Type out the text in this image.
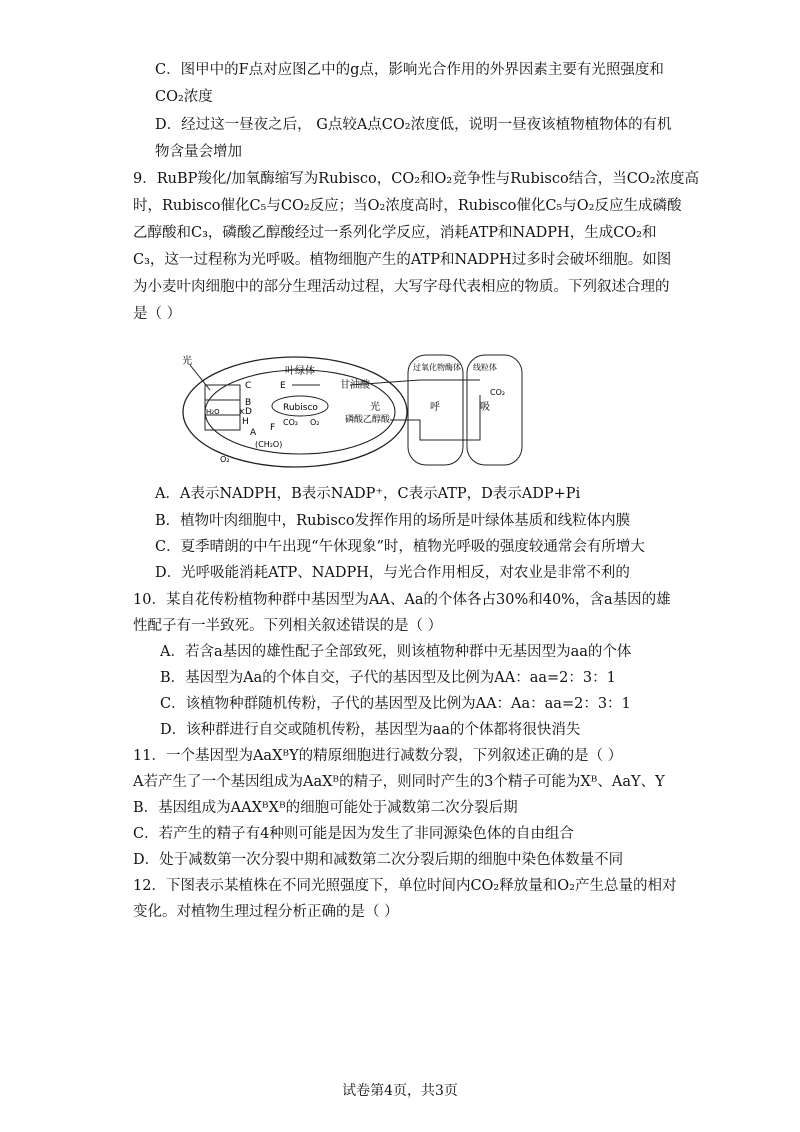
C．图甲中的F点对应图乙中的g点，影响光合作用的外界因素主要有光照强度和
CO₂浓度
D．经过这一昼夜之后， G点较A点CO₂浓度低，说明一昼夜该植物植物体的有机
物含量会增加
9．RuBP羧化/加氧酶缩写为Rubisco，CO₂和O₂竞争性与Rubisco结合，当CO₂浓度高
时，Rubisco催化C₅与CO₂反应；当O₂浓度高时，Rubisco催化C₅与O₂反应生成磷酸
乙醇酸和C₃，磷酸乙醇酸经过一系列化学反应，消耗ATP和NADPH，生成CO₂和
C₃，这一过程称为光呼吸。植物细胞产生的ATP和NADPH过多时会破坏细胞。如图
为小麦叶肉细胞中的部分生理活动过程，大写字母代表相应的物质。下列叙述合理的
是（ ）
光
叶绿体
甘油酸
Rubisco	光
CO₂ O₂	磷酸乙醇酸
(CH₂O)
H₂O
O₂
C
B
D
H
A
E
F
K
过氧化物酶体 线粒体
CO₂
呼	吸
A．A表示NADPH，B表示NADP⁺，C表示ATP，D表示ADP+Pi
B．植物叶肉细胞中，Rubisco发挥作用的场所是叶绿体基质和线粒体内膜
C．夏季晴朗的中午出现“午休现象”时，植物光呼吸的强度较通常会有所增大
D．光呼吸能消耗ATP、NADPH，与光合作用相反，对农业是非常不利的
10．某自花传粉植物种群中基因型为AA、Aa的个体各占30%和40%，含a基因的雄
性配子有一半致死。下列相关叙述错误的是（ ）
A．若含a基因的雄性配子全部致死，则该植物种群中无基因型为aa的个体
B．基因型为Aa的个体自交，子代的基因型及比例为AA：aa=2：3：1
C．该植物种群随机传粉，子代的基因型及比例为AA：Aa：aa=2：3：1
D．该种群进行自交或随机传粉，基因型为aa的个体都将很快消失
11．一个基因型为AaXᴮY的精原细胞进行减数分裂，下列叙述正确的是（ ）
A若产生了一个基因组成为AaXᴮ的精子，则同时产生的3个精子可能为Xᴮ、AaY、Y
B．基因组成为AAXᴮXᴮ的细胞可能处于减数第二次分裂后期
C．若产生的精子有4种则可能是因为发生了非同源染色体的自由组合
D．处于减数第一次分裂中期和减数第二次分裂后期的细胞中染色体数量不同
12．下图表示某植株在不同光照强度下，单位时间内CO₂释放量和O₂产生总量的相对
变化。对植物生理过程分析正确的是（ ）
试卷第4页，共3页
